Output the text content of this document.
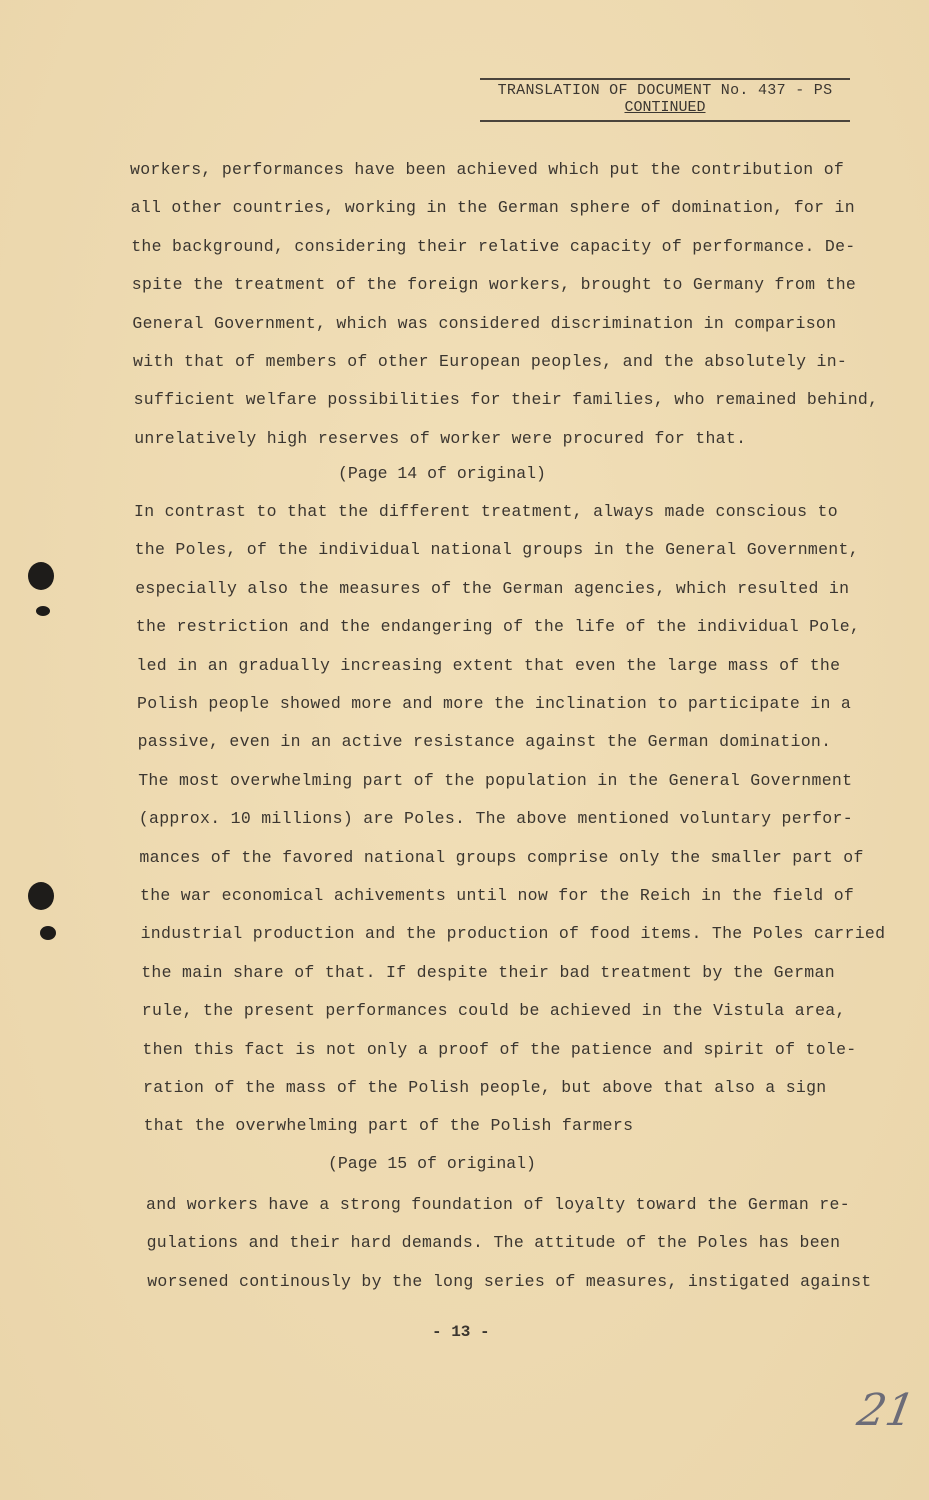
TRANSLATION OF DOCUMENT No. 437 - PS
CONTINUED
workers, performances have been achieved which put the contribution of
all other countries, working in the German sphere of domination, for in
the background, considering their relative capacity of performance. De-
spite the treatment of the foreign workers, brought to Germany from the
General Government, which was considered discrimination in comparison
with that of members of other European peoples, and the absolutely in-
sufficient welfare possibilities for their families, who remained behind,
unrelatively high reserves of worker were procured for that.
In contrast to that the different treatment, always made conscious to
the Poles, of the individual national groups in the General Government,
especially also the measures of the German agencies, which resulted in
the restriction and the endangering of the life of the individual Pole,
led in an gradually increasing extent that even the large mass of the
Polish people showed more and more the inclination to participate in a
passive, even in an active resistance against the German domination.
The most overwhelming part of the population in the General Government
(approx. 10 millions) are Poles. The above mentioned voluntary perfor-
mances of the favored national groups comprise only the smaller part of
the war economical achivements until now for the Reich in the field of
industrial production and the production of food items. The Poles carried
the main share of that. If despite their bad treatment by the German
rule, the present performances could be achieved in the Vistula area,
then this fact is not only a proof of the patience and spirit of tole-
ration of the mass of the Polish people, but above that also a sign
that the overwhelming part of the Polish farmers
and workers have a strong foundation of loyalty toward the German re-
gulations and their hard demands. The attitude of the Poles has been
worsened continously by the long series of measures, instigated against
(Page 14 of original)
(Page 15 of original)
- 13 -
21
